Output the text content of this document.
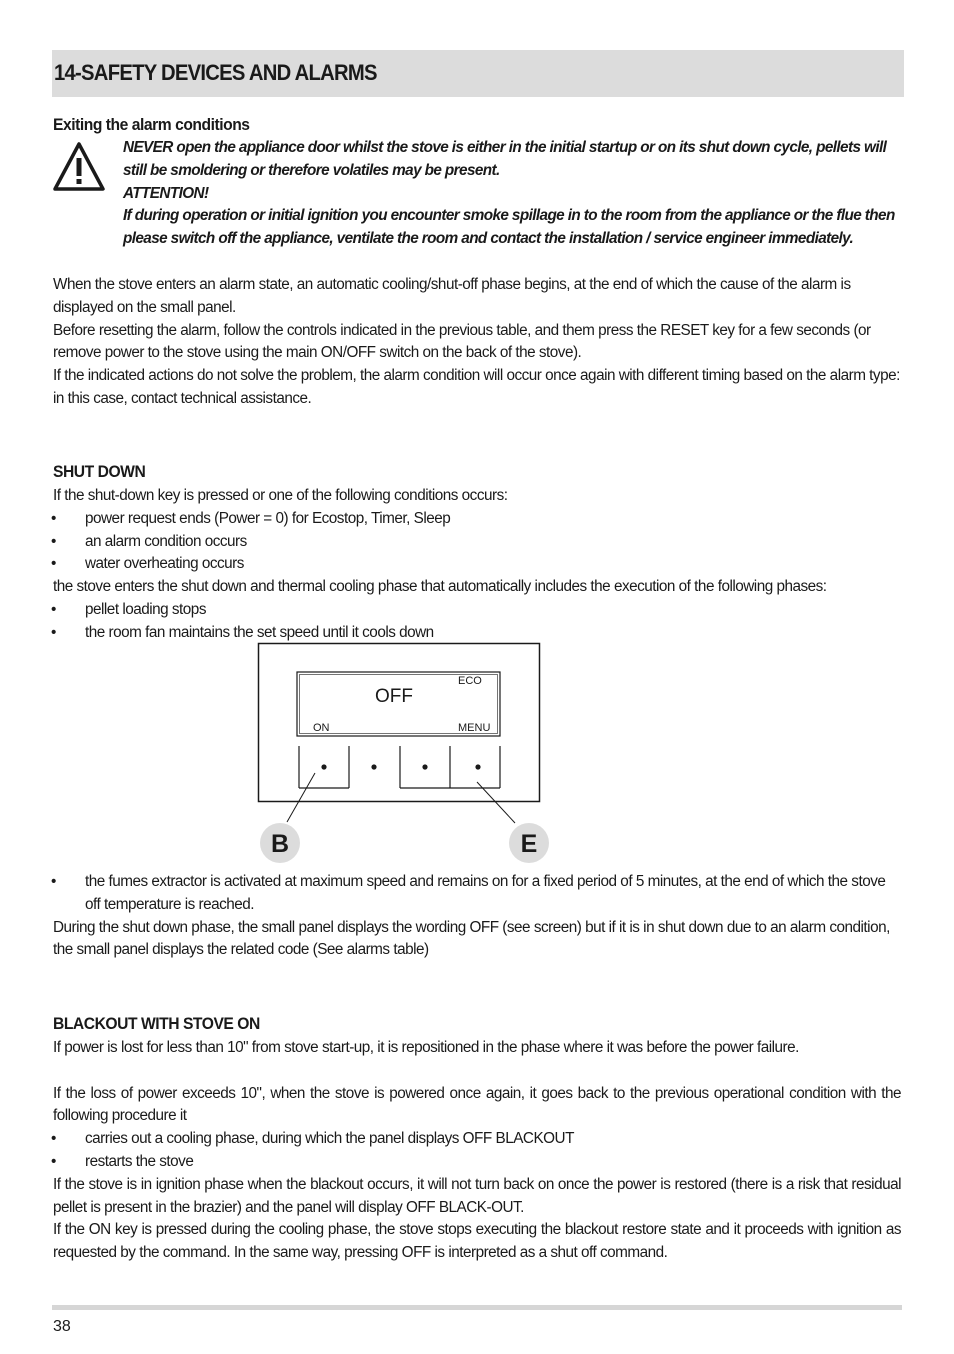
14-SAFETY DEVICES AND ALARMS
Exiting the alarm conditions

NEVER open the appliance door whilst the stove is either in the initial startup or on its shut down cycle, pellets will still be smoldering or therefore volatiles may be present.

ATTENTION!

If during operation or initial ignition you encounter smoke spillage in to the room from the appliance or the flue then please switch off the appliance, ventilate the room and contact the installation / service engineer immediately.

When the stove enters an alarm state, an automatic cooling/shut-off phase begins, at the end of which the cause of the alarm is displayed on the small panel.

Before resetting the alarm, follow the controls indicated in the previous table, and them press the RESET key for a few seconds (or remove power to the stove using the main ON/OFF switch on the back of the stove).

If the indicated actions do not solve the problem, the alarm condition will occur once again with different timing based on the alarm type: in this case, contact technical assistance.

SHUT DOWN

If the shut-down key is pressed or one of the following conditions occurs:

• power request ends (Power = 0) for Ecostop, Timer, Sleep
• an alarm condition occurs
• water overheating occurs

the stove enters the shut down and thermal cooling phase that automatically includes the execution of the following phases:

• pellet loading stops
• the room fan maintains the set speed until it cools down
OFF
ECO
ON	MENU
B	E
• the fumes extractor is activated at maximum speed and remains on for a fixed period of 5 minutes, at the end of which the stove off temperature is reached.

During the shut down phase, the small panel displays the wording OFF (see screen) but if it is in shut down due to an alarm condition, the small panel displays the related code (See alarms table)

BLACKOUT WITH STOVE ON

If power is lost for less than 10" from stove start-up, it is repositioned in the phase where it was before the power failure.

If the loss of power exceeds 10", when the stove is powered once again, it goes back to the previous operational condition with the following procedure it

• carries out a cooling phase, during which the panel displays OFF BLACKOUT
• restarts the stove

If the stove is in ignition phase when the blackout occurs, it will not turn back on once the power is restored (there is a risk that residual pellet is present in the brazier) and the panel will display OFF BLACK-OUT.

If the ON key is pressed during the cooling phase, the stove stops executing the blackout restore state and it proceeds with ignition as requested by the command. In the same way, pressing OFF is interpreted as a shut off command.

38
